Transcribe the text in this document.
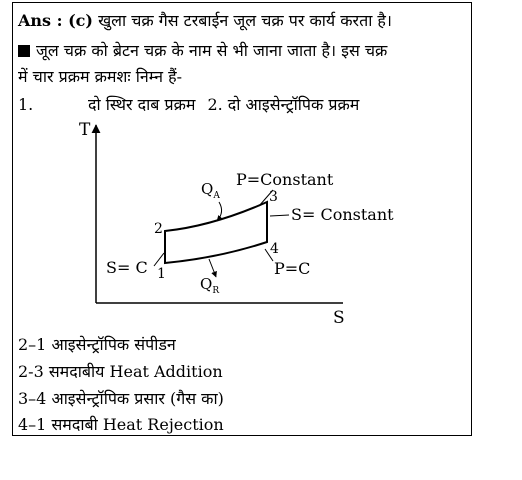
Ans : (c) खुला चक्र गैस टरबाईन जूल चक्र पर कार्य करता है।
जूल चक्र को ब्रेटन चक्र के नाम से भी जाना जाता है। इस चक्र
में चार प्रक्रम क्रमशः निम्न हैं-
1.	दो स्थिर दाब प्रक्रम 2. दो आइसेन्ट्रॉपिक प्रक्रम
T
S
1
2
3
4
P=Constant
S= Constant
S= C	P=C
$Q_A$
$Q_R$
2–1 आइसेन्ट्रॉपिक संपीडन
2-3 समदाबीय Heat Addition
3–4 आइसेन्ट्रॉपिक प्रसार (गैस का)
4–1 समदाबी Heat Rejection
